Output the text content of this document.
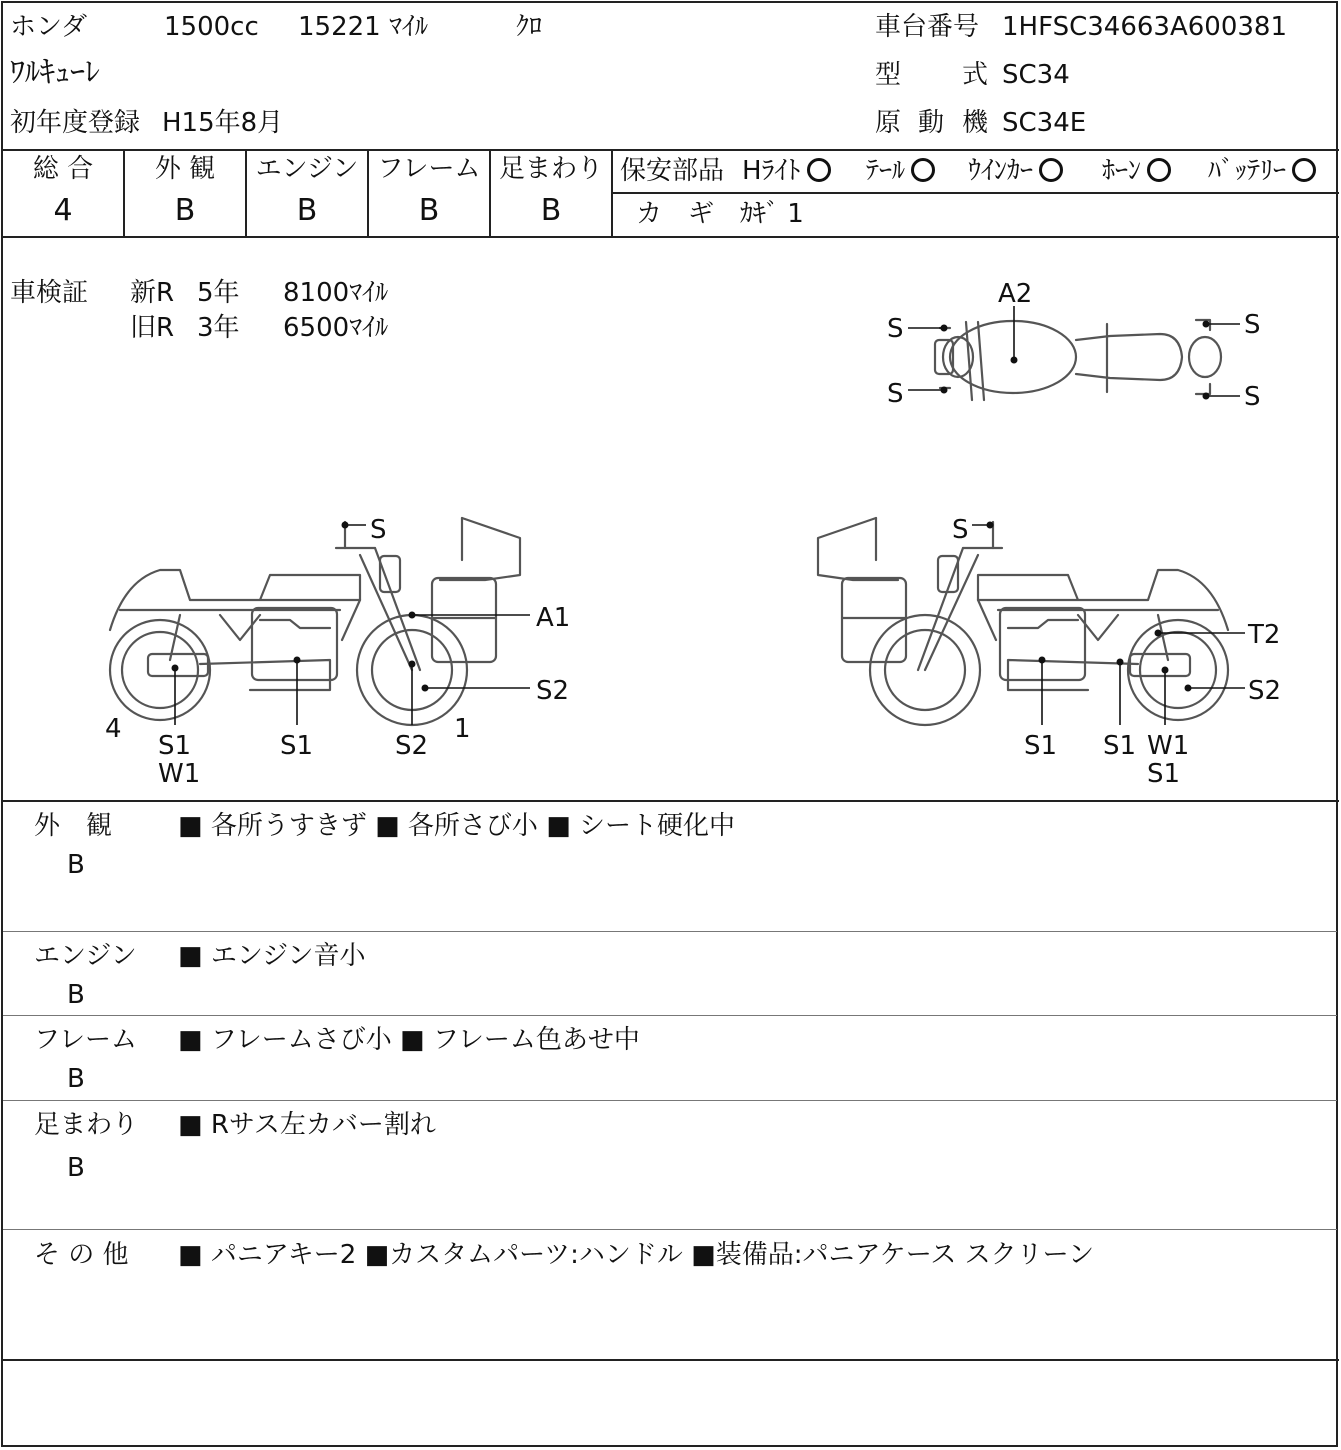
ホンダ	1500cc 15221 ﾏｲﾙ	ｸﾛ
ﾜﾙｷｭｰﾚ
初年度登録 H15年8月
車台番号 1HFSC34663A600381
型 式 SC34
原 動 機 SC34E
総 合
4
外 観
B
エンジン
B
フレーム
B
足まわり
B
保安部品 Hﾗｲﾄ	ﾃｰﾙ	ｳｲﾝｶｰ	ﾎｰﾝ	ﾊﾞｯﾃﾘｰ
カ　ギ ｶｷﾞ 1
車検証 新R 5年 8100ﾏｲﾙ
旧R 3年 6500ﾏｲﾙ
A2
S
S
S
S
S
A1
S2
4
S1
W1
S1	S2
1
S
T2
S2
S1 S1 W1
S1
外　観
B
■ 各所うすきず ■ 各所さび小 ■ シート硬化中
エンジン
B
■ エンジン音小
フレーム
B
■ フレームさび小 ■ フレーム色あせ中
足まわり
B
■ Rサス左カバー割れ
そ の 他 ■ パニアキー2 ■カスタムパーツ:ハンドル ■装備品:パニアケース スクリーン
